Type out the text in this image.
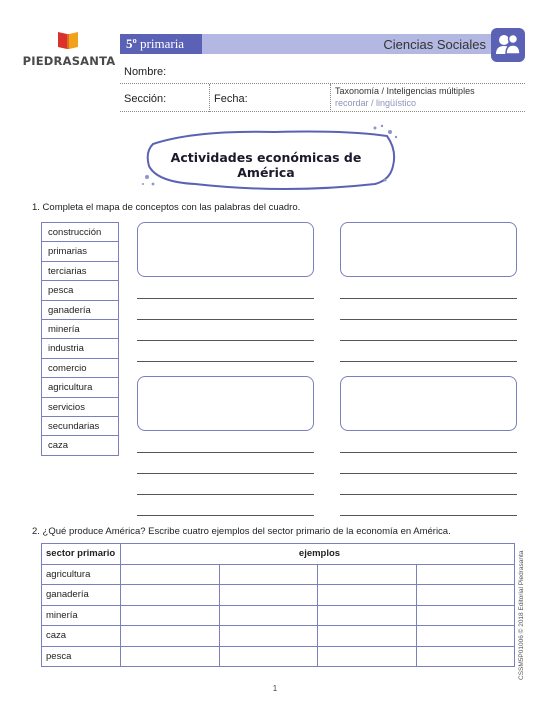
PIEDRASANTA
5º primaria	Ciencias Sociales
Nombre:
Sección:	Fecha:
Taxonomía / Inteligencias múltiples
recordar / lingüístico
Actividades económicas de América
1. Completa el mapa de conceptos con las palabras del cuadro.
construcción
primarias
terciarias
pesca
ganadería
minería
industria
comercio
agricultura
servicios
secundarias
caza
2. ¿Qué produce América? Escribe cuatro ejemplos del sector primario de la economía en América.
sector primario	ejemplos			
agricultura				
ganadería				
minería				
caza				
pesca					CSSM5P01006 © 2018 Editorial Piedrasanta
1
